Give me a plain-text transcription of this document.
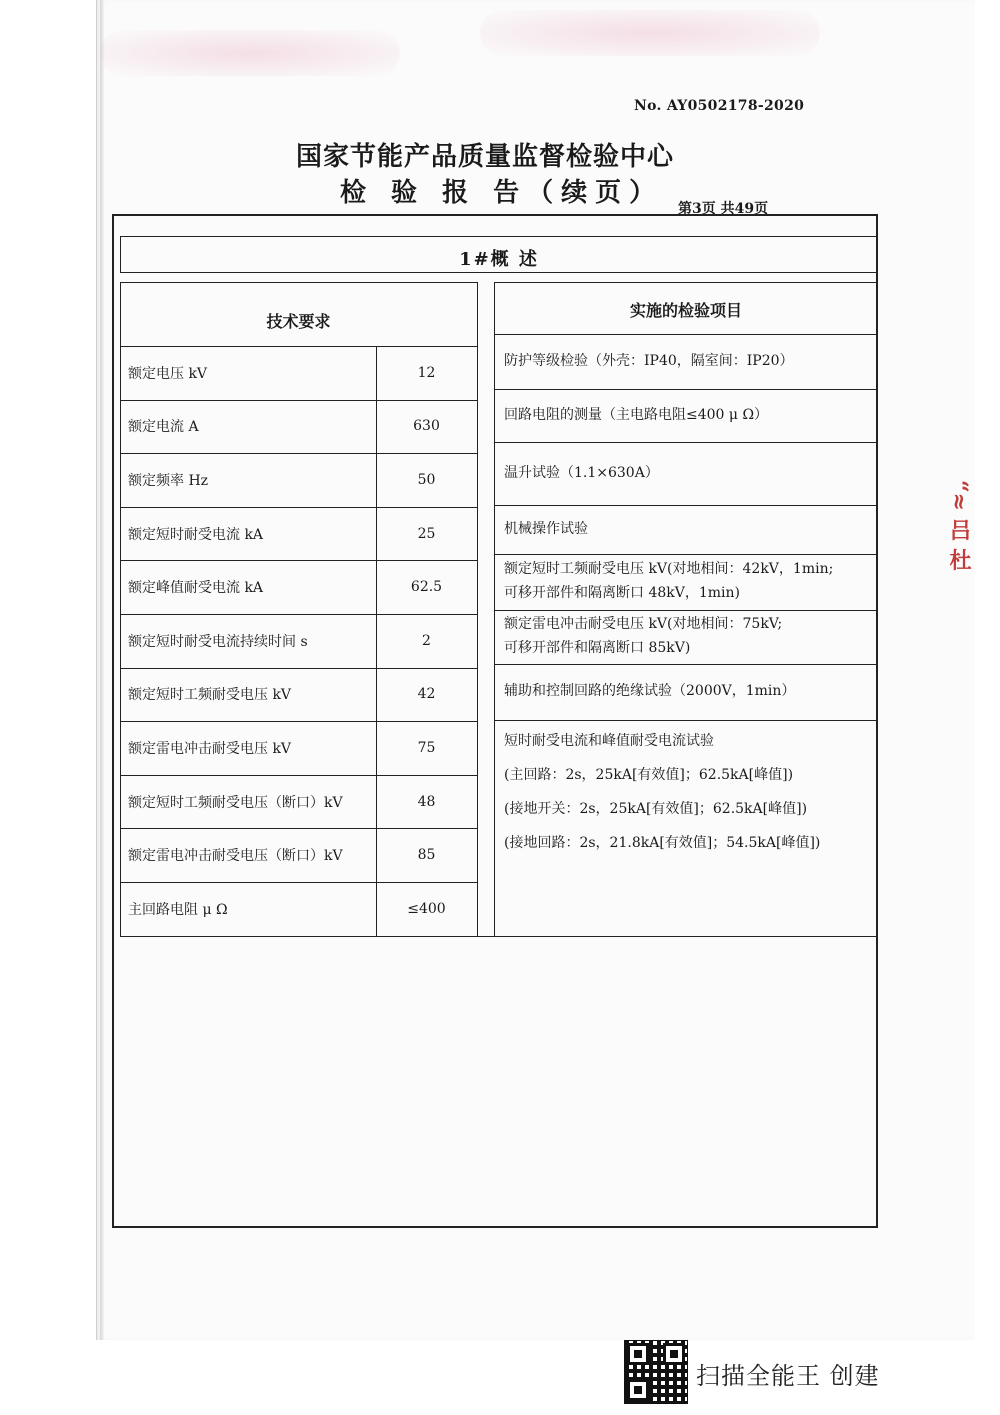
No. AY0502178-2020
国家节能产品质量监督检验中心
检 验 报 告（续页）
第3页 共49页
1#概 述
技术要求
额定电压 kV	12
额定电流 A	630
额定频率 Hz	50
额定短时耐受电流 kA	25
额定峰值耐受电流 kA	62.5
额定短时耐受电流持续时间 s	2
额定短时工频耐受电压 kV	42
额定雷电冲击耐受电压 kV	75
额定短时工频耐受电压（断口）kV	48
额定雷电冲击耐受电压（断口）kV	85
主回路电阻 μ Ω	≤400
实施的检验项目
防护等级检验（外壳：IP40，隔室间：IP20）
回路电阻的测量（主电路电阻≤400 μ Ω）
温升试验（1.1×630A）
机械操作试验
额定短时工频耐受电压 kV(对地相间：42kV，1min;
可移开部件和隔离断口 48kV，1min)
额定雷电冲击耐受电压 kV(对地相间：75kV;
可移开部件和隔离断口 85kV)
辅助和控制回路的绝缘试验（2000V，1min）
短时耐受电流和峰值耐受电流试验
(主回路：2s，25kA[有效值]；62.5kA[峰值])
(接地开关：2s，25kA[有效值]；62.5kA[峰值])
(接地回路：2s，21.8kA[有效值]；54.5kA[峰值])
“≈ 吕 杜
扫描全能王 创建
